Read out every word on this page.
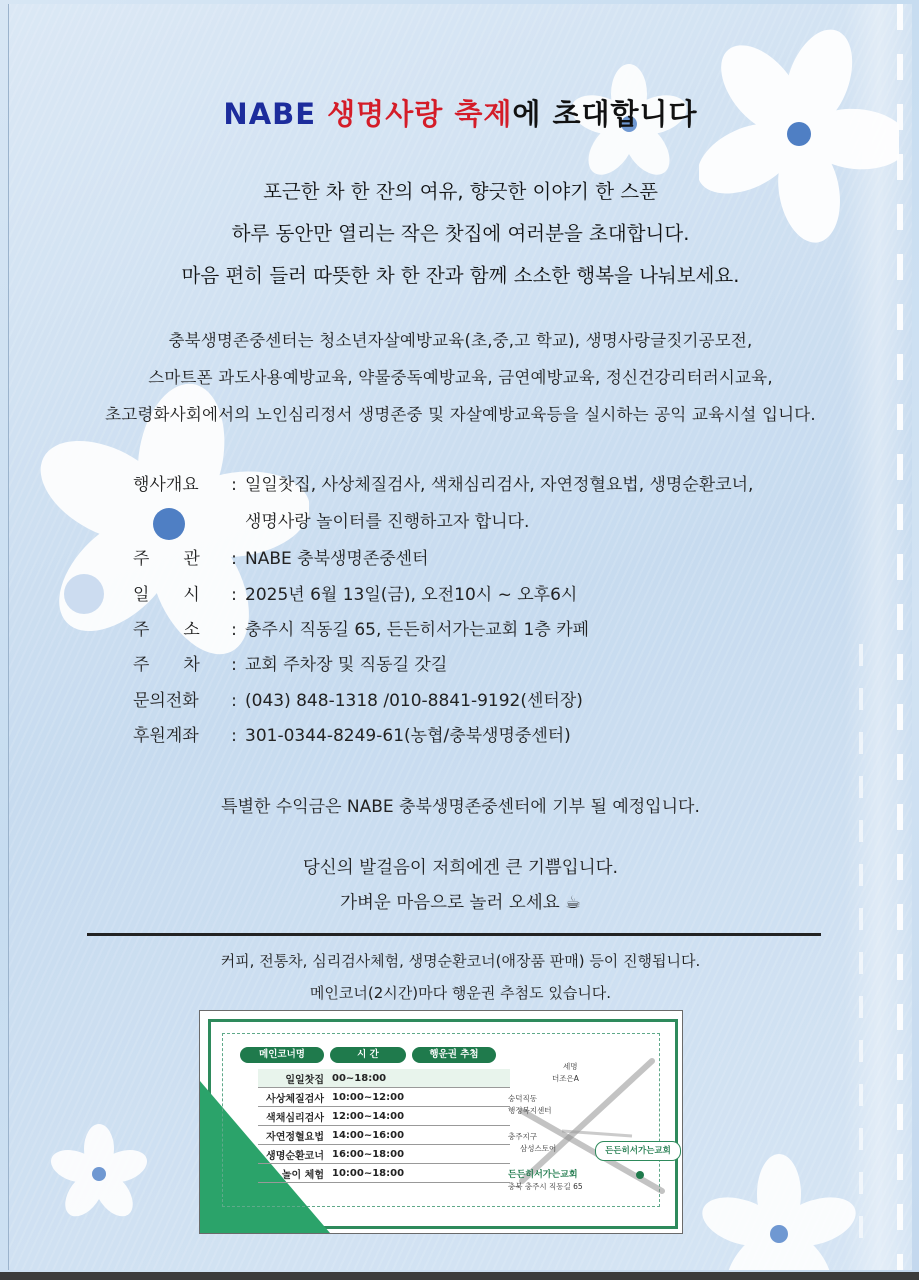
NABE 생명사랑 축제에 초대합니다
포근한 차 한 잔의 여유, 향긋한 이야기 한 스푼
하루 동안만 열리는 작은 찻집에 여러분을 초대합니다.
마음 편히 들러 따뜻한 차 한 잔과 함께 소소한 행복을 나눠보세요.
충북생명존중센터는 청소년자살예방교육(초,중,고 학교), 생명사랑글짓기공모전,
스마트폰 과도사용예방교육, 약물중독예방교육, 금연예방교육, 정신건강리터러시교육,
초고령화사회에서의 노인심리정서 생명존중 및 자살예방교육등을 실시하는 공익 교육시설 입니다.
행사개요 : 일일찻집, 사상체질검사, 색채심리검사, 자연정혈요법, 생명순환코너,
생명사랑 놀이터를 진행하고자 합니다.
주　　관 : NABE 충북생명존중센터
일　　시 : 2025년 6월 13일(금), 오전10시 ~ 오후6시
주　　소 : 충주시 직동길 65, 든든히서가는교회 1층 카페
주　　차 : 교회 주차장 및 직동길 갓길
문의전화 : (043) 848-1318 /010-8841-9192(센터장)
후원계좌 : 301-0344-8249-61(농협/충북생명중센터)
특별한 수익금은 NABE 충북생명존중센터에 기부 될 예정입니다.
당신의 발걸음이 저희에겐 큰 기쁨입니다.
가벼운 마음으로 놀러 오세요 ☕
커피, 전통차, 심리검사체험, 생명순환코너(애장품 판매) 등이 진행됩니다.
메인코너(2시간)마다 행운권 추첨도 있습니다.
메인코너명	시 간	행운권 추첨
일일찻집	00~18:00	
사상체질검사	10:00~12:00	
색채심리검사	12:00~14:00	
자연정혈요법	14:00~16:00	
생명순환코너	16:00~18:00	
놀이 체험	10:00~18:00	
세명
더조은A
숭덕직동
행정복지센터
충주지구
삼성스토어
든든히서가는교회
충북 충주시 직동길 65
든든히서가는교회
